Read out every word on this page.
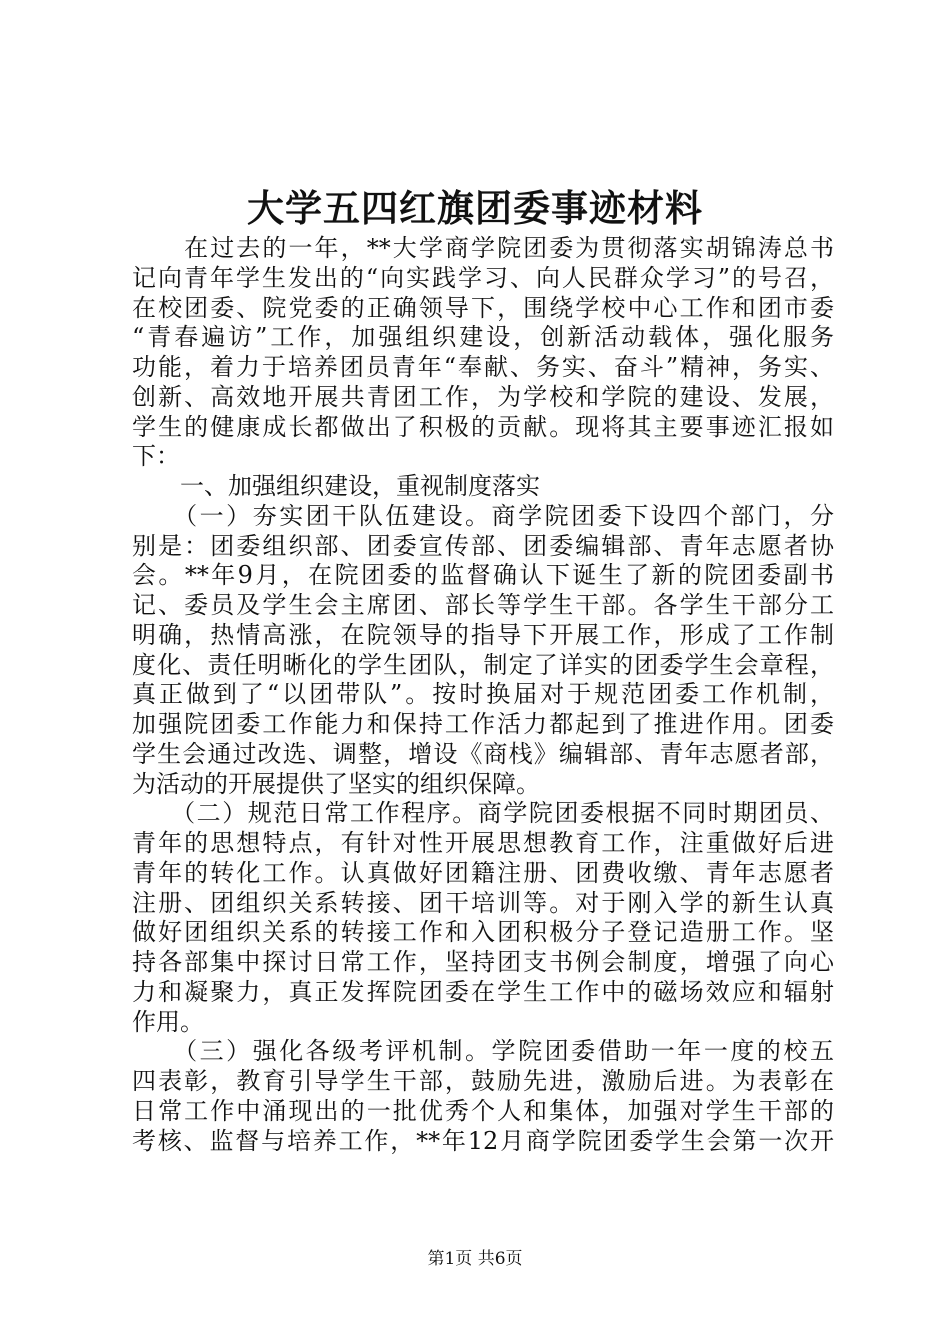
大学五四红旗团委事迹材料
　　在过去的一年，**大学商学院团委为贯彻落实胡锦涛总书
记向青年学生发出的“向实践学习、向人民群众学习”的号召，
在校团委、院党委的正确领导下，围绕学校中心工作和团市委
“青春遍访”工作，加强组织建设，创新活动载体，强化服务
功能，着力于培养团员青年“奉献、务实、奋斗”精神，务实、
创新、高效地开展共青团工作，为学校和学院的建设、发展，
学生的健康成长都做出了积极的贡献。现将其主要事迹汇报如
下：
　　一、加强组织建设，重视制度落实
　　（一）夯实团干队伍建设。商学院团委下设四个部门，分
别是：团委组织部、团委宣传部、团委编辑部、青年志愿者协
会。**年9月，在院团委的监督确认下诞生了新的院团委副书
记、委员及学生会主席团、部长等学生干部。各学生干部分工
明确，热情高涨，在院领导的指导下开展工作，形成了工作制
度化、责任明晰化的学生团队，制定了详实的团委学生会章程，
真正做到了“以团带队”。按时换届对于规范团委工作机制，
加强院团委工作能力和保持工作活力都起到了推进作用。团委
学生会通过改选、调整，增设《商栈》编辑部、青年志愿者部，
为活动的开展提供了坚实的组织保障。
　　（二）规范日常工作程序。商学院团委根据不同时期团员、
青年的思想特点，有针对性开展思想教育工作，注重做好后进
青年的转化工作。认真做好团籍注册、团费收缴、青年志愿者
注册、团组织关系转接、团干培训等。对于刚入学的新生认真
做好团组织关系的转接工作和入团积极分子登记造册工作。坚
持各部集中探讨日常工作，坚持团支书例会制度，增强了向心
力和凝聚力，真正发挥院团委在学生工作中的磁场效应和辐射
作用。
　　（三）强化各级考评机制。学院团委借助一年一度的校五
四表彰，教育引导学生干部，鼓励先进，激励后进。为表彰在
日常工作中涌现出的一批优秀个人和集体，加强对学生干部的
考核、监督与培养工作，**年12月商学院团委学生会第一次开
第1页 共6页
